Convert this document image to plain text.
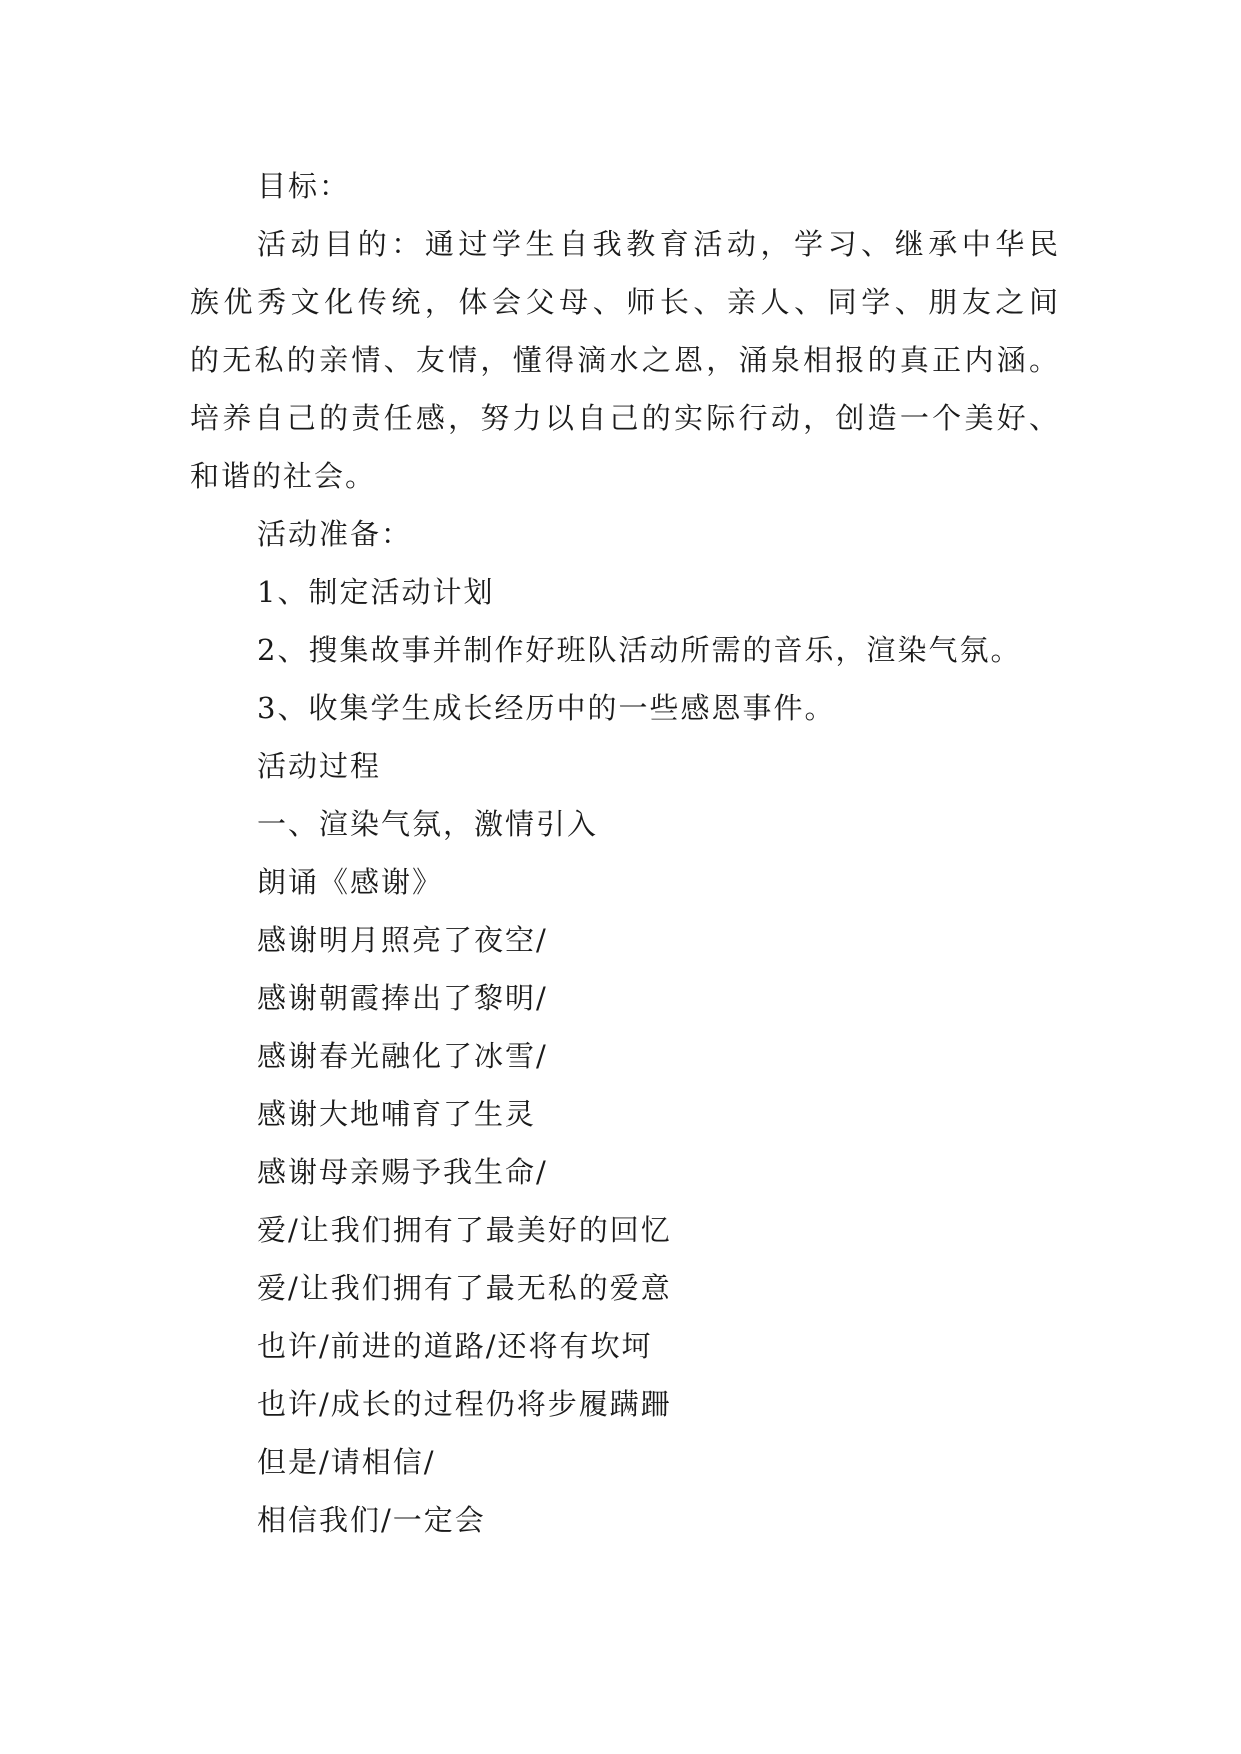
目标：
活动目的：通过学生自我教育活动，学习、继承中华民
族优秀文化传统，体会父母、师长、亲人、同学、朋友之间
的无私的亲情、友情，懂得滴水之恩，涌泉相报的真正内涵。
培养自己的责任感，努力以自己的实际行动，创造一个美好、
和谐的社会。
活动准备：
1、制定活动计划
2、搜集故事并制作好班队活动所需的音乐，渲染气氛。
3、收集学生成长经历中的一些感恩事件。
活动过程
一、渲染气氛，激情引入
朗诵《感谢》
感谢明月照亮了夜空/
感谢朝霞捧出了黎明/
感谢春光融化了冰雪/
感谢大地哺育了生灵
感谢母亲赐予我生命/
爱/让我们拥有了最美好的回忆
爱/让我们拥有了最无私的爱意
也许/前进的道路/还将有坎坷
也许/成长的过程仍将步履蹒跚
但是/请相信/
相信我们/一定会
